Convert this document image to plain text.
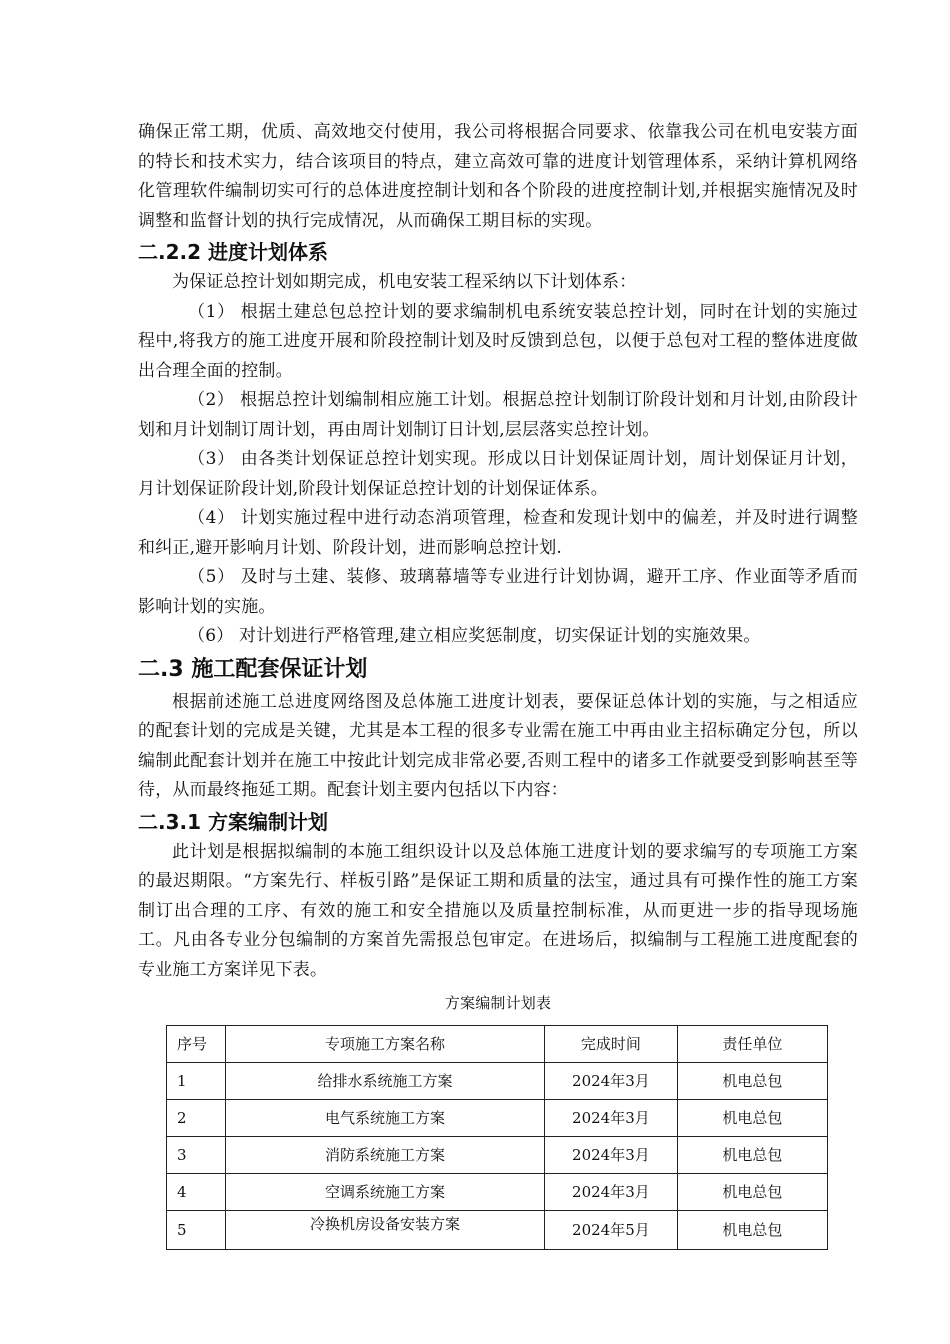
确保正常工期，优质、高效地交付使用，我公司将根据合同要求、依靠我公司在机电安装方面的特长和技术实力，结合该项目的特点，建立高效可靠的进度计划管理体系，采纳计算机网络化管理软件编制切实可行的总体进度控制计划和各个阶段的进度控制计划,并根据实施情况及时调整和监督计划的执行完成情况，从而确保工期目标的实现。

二.2.2 进度计划体系

为保证总控计划如期完成，机电安装工程采纳以下计划体系：

（1） 根据土建总包总控计划的要求编制机电系统安装总控计划，同时在计划的实施过程中,将我方的施工进度开展和阶段控制计划及时反馈到总包，以便于总包对工程的整体进度做出合理全面的控制。

（2） 根据总控计划编制相应施工计划。根据总控计划制订阶段计划和月计划,由阶段计划和月计划制订周计划，再由周计划制订日计划,层层落实总控计划。

（3） 由各类计划保证总控计划实现。形成以日计划保证周计划，周计划保证月计划，月计划保证阶段计划,阶段计划保证总控计划的计划保证体系。

（4） 计划实施过程中进行动态消项管理，检查和发现计划中的偏差，并及时进行调整和纠正,避开影响月计划、阶段计划，进而影响总控计划.

（5） 及时与土建、装修、玻璃幕墙等专业进行计划协调，避开工序、作业面等矛盾而影响计划的实施。

（6） 对计划进行严格管理,建立相应奖惩制度，切实保证计划的实施效果。

二.3 施工配套保证计划

根据前述施工总进度网络图及总体施工进度计划表，要保证总体计划的实施，与之相适应的配套计划的完成是关键，尤其是本工程的很多专业需在施工中再由业主招标确定分包，所以编制此配套计划并在施工中按此计划完成非常必要,否则工程中的诸多工作就要受到影响甚至等待，从而最终拖延工期。配套计划主要内包括以下内容：

二.3.1 方案编制计划

此计划是根据拟编制的本施工组织设计以及总体施工进度计划的要求编写的专项施工方案的最迟期限。“方案先行、样板引路”是保证工期和质量的法宝，通过具有可操作性的施工方案制订出合理的工序、有效的施工和安全措施以及质量控制标准，从而更进一步的指导现场施工。凡由各专业分包编制的方案首先需报总包审定。在进场后，拟编制与工程施工进度配套的专业施工方案详见下表。

方案编制计划表

序号	专项施工方案名称	完成时间	责任单位
1	给排水系统施工方案	2024年3月	机电总包
2	电气系统施工方案	2024年3月	机电总包
3	消防系统施工方案	2024年3月	机电总包
4	空调系统施工方案	2024年3月	机电总包
5	冷换机房设备安装方案	2024年5月	机电总包
